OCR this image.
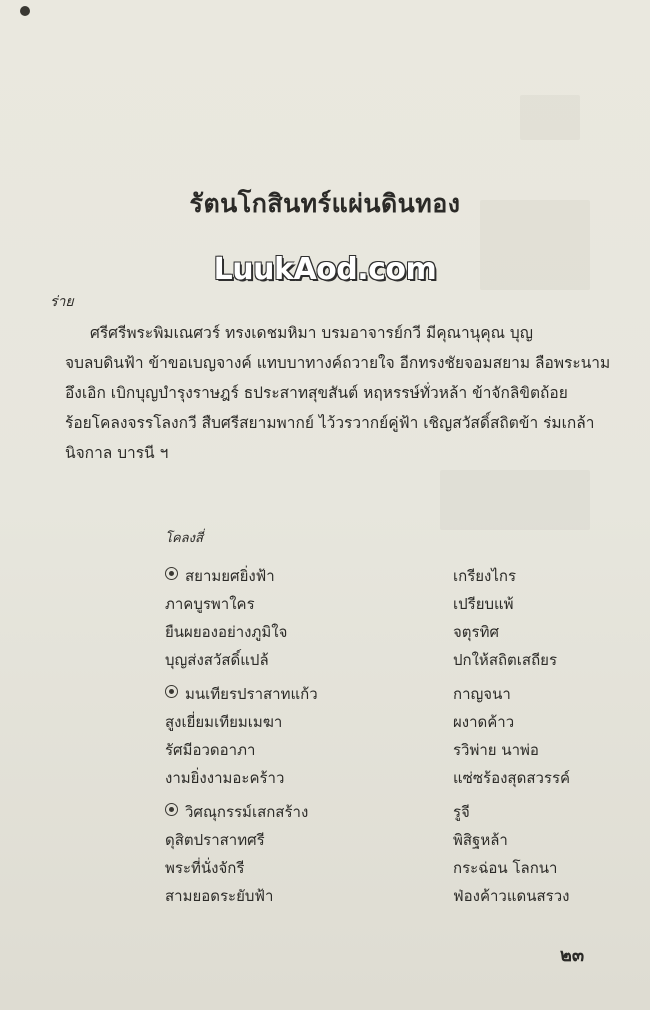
รัตนโกสินทร์แผ่นดินทอง
LuukAod.com
ร่าย
ศรีศรีพระพิมเณศวร์ ทรงเดชมหิมา บรมอาจารย์กวี มีคุณานุคุณ บุญ
จบลบดินฟ้า ข้าขอเบญจางค์ แทบบาทางค์ถวายใจ อีกทรงชัยจอมสยาม ลือพระนาม
อึงเอิก เบิกบุญบำรุงราษฎร์ ธประสาทสุขสันต์ หฤหรรษ์ทั่วหล้า ข้าจักลิขิตถ้อย
ร้อยโคลงจรรโลงกวี สืบศรีสยามพากย์ ไว้วรวากย์คู่ฟ้า เชิญสวัสดิ์สถิตข้า ร่มเกล้า
นิจกาล บารนี ฯ
โคลงสี่
สยามยศยิ่งฟ้า	เกรียงไกร
ภาคบูรพาใคร	เปรียบแพ้
ยืนผยองอย่างภูมิใจ	จตุรทิศ
บุญส่งสวัสดิ์แปล้	ปกให้สถิตเสถียร
มนเทียรปราสาทแก้ว	กาญจนา
สูงเยี่ยมเทียมเมฆา	ผงาดค้าว
รัศมีอวดอาภา	รวิพ่าย นาพ่อ
งามยิ่งงามอะคร้าว	แซ่ซร้องสุดสวรรค์
วิศณุกรรม์เสกสร้าง	รูจี
ดุสิตปราสาทศรี	พิสิฐหล้า
พระที่นั่งจักรี	กระฉ่อน โลกนา
สามยอดระยับฟ้า	ฟ่องค้าวแดนสรวง
๒๓
